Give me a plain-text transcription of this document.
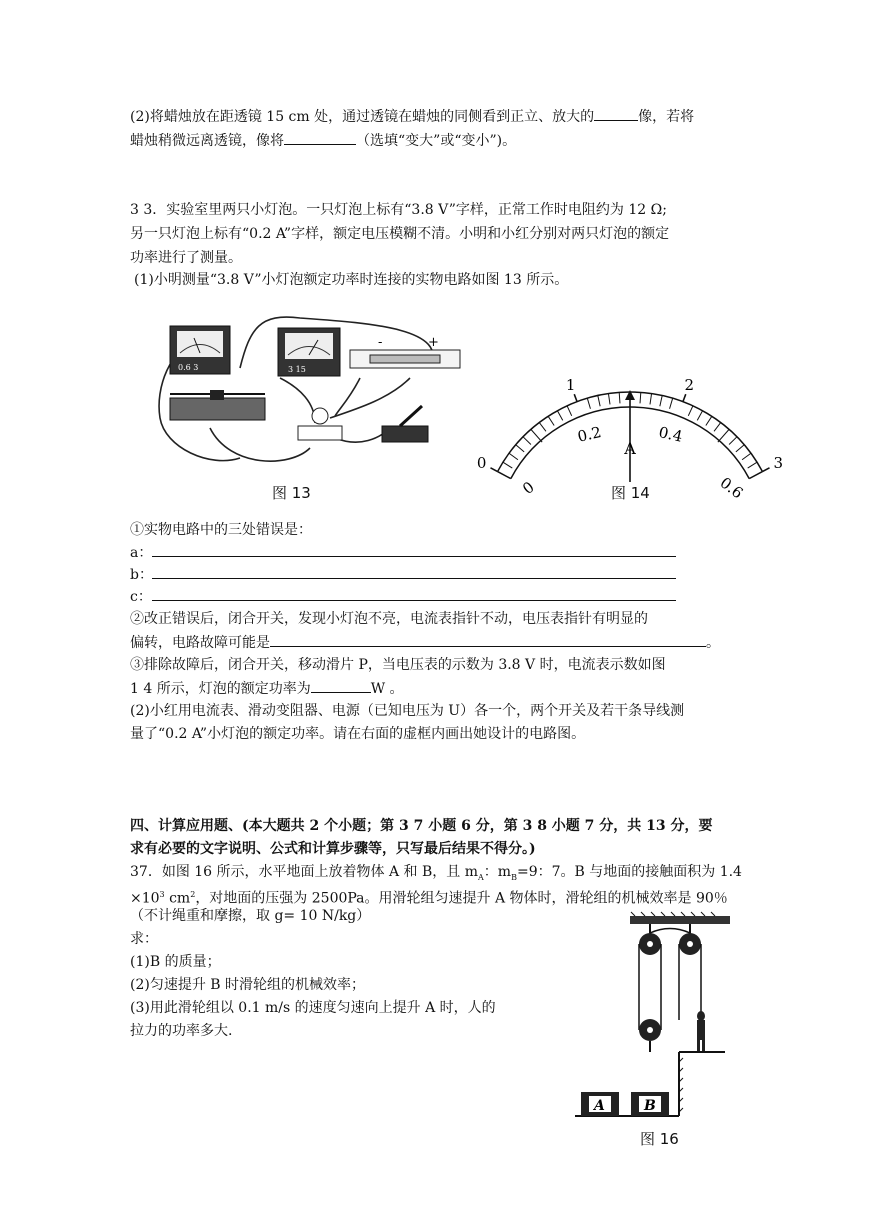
(2)将蜡烛放在距透镜 15 cm 处，通过透镜在蜡烛的同侧看到正立、放大的	像，若将
蜡烛稍微远离透镜，像将	（选填“变大”或“变小”)。
3 3．实验室里两只小灯泡。一只灯泡上标有“3.8 V”字样，正常工作时电阻约为 12 Ω;
另一只灯泡上标有“0.2 A”字样，额定电压模糊不清。小明和小红分别对两只灯泡的额定
功率进行了测量。
(1)小明测量“3.8 V”小灯泡额定功率时连接的实物电路如图 13 所示。
0.6 3	3 15
-	+
图 13
0
1	2
3
0
0.2	0.4
0.6
A
图 14
①实物电路中的三处错误是：
a：
b：
c：
②改正错误后，闭合开关，发现小灯泡不亮，电流表指针不动，电压表指针有明显的
偏转，电路故障可能是	。
③排除故障后，闭合开关，移动滑片 P，当电压表的示数为 3.8 V 时，电流表示数如图
1 4 所示，灯泡的额定功率为	W 。
(2)小红用电流表、滑动变阻器、电源（已知电压为 U）各一个，两个开关及若干条导线测
量了“0.2 A”小灯泡的额定功率。请在右面的虚框内画出她设计的电路图。
四、计算应用题、(本大题共 2 个小题；第 3 7 小题 6 分，第 3 8 小题 7 分，共 13 分，要
求有必要的文字说明、公式和计算步骤等，只写最后结果不得分。)
37．如图 16 所示，水平地面上放着物体 A 和 B，且 $m_A$：$m_B=9$：7。B 与地面的接触面积为 1.4
$\times 10^3$ $cm^2$，对地面的压强为 2500Pa。用滑轮组匀速提升 A 物体时，滑轮组的机械效率是 90％
（不计绳重和摩擦，取 g= 10 N/kg）
求：
(1)B 的质量；
(2)匀速提升 B 时滑轮组的机械效率；
(3)用此滑轮组以 0.1 m/s 的速度匀速向上提升 A 时，人的
拉力的功率多大.
A	B
图 16
